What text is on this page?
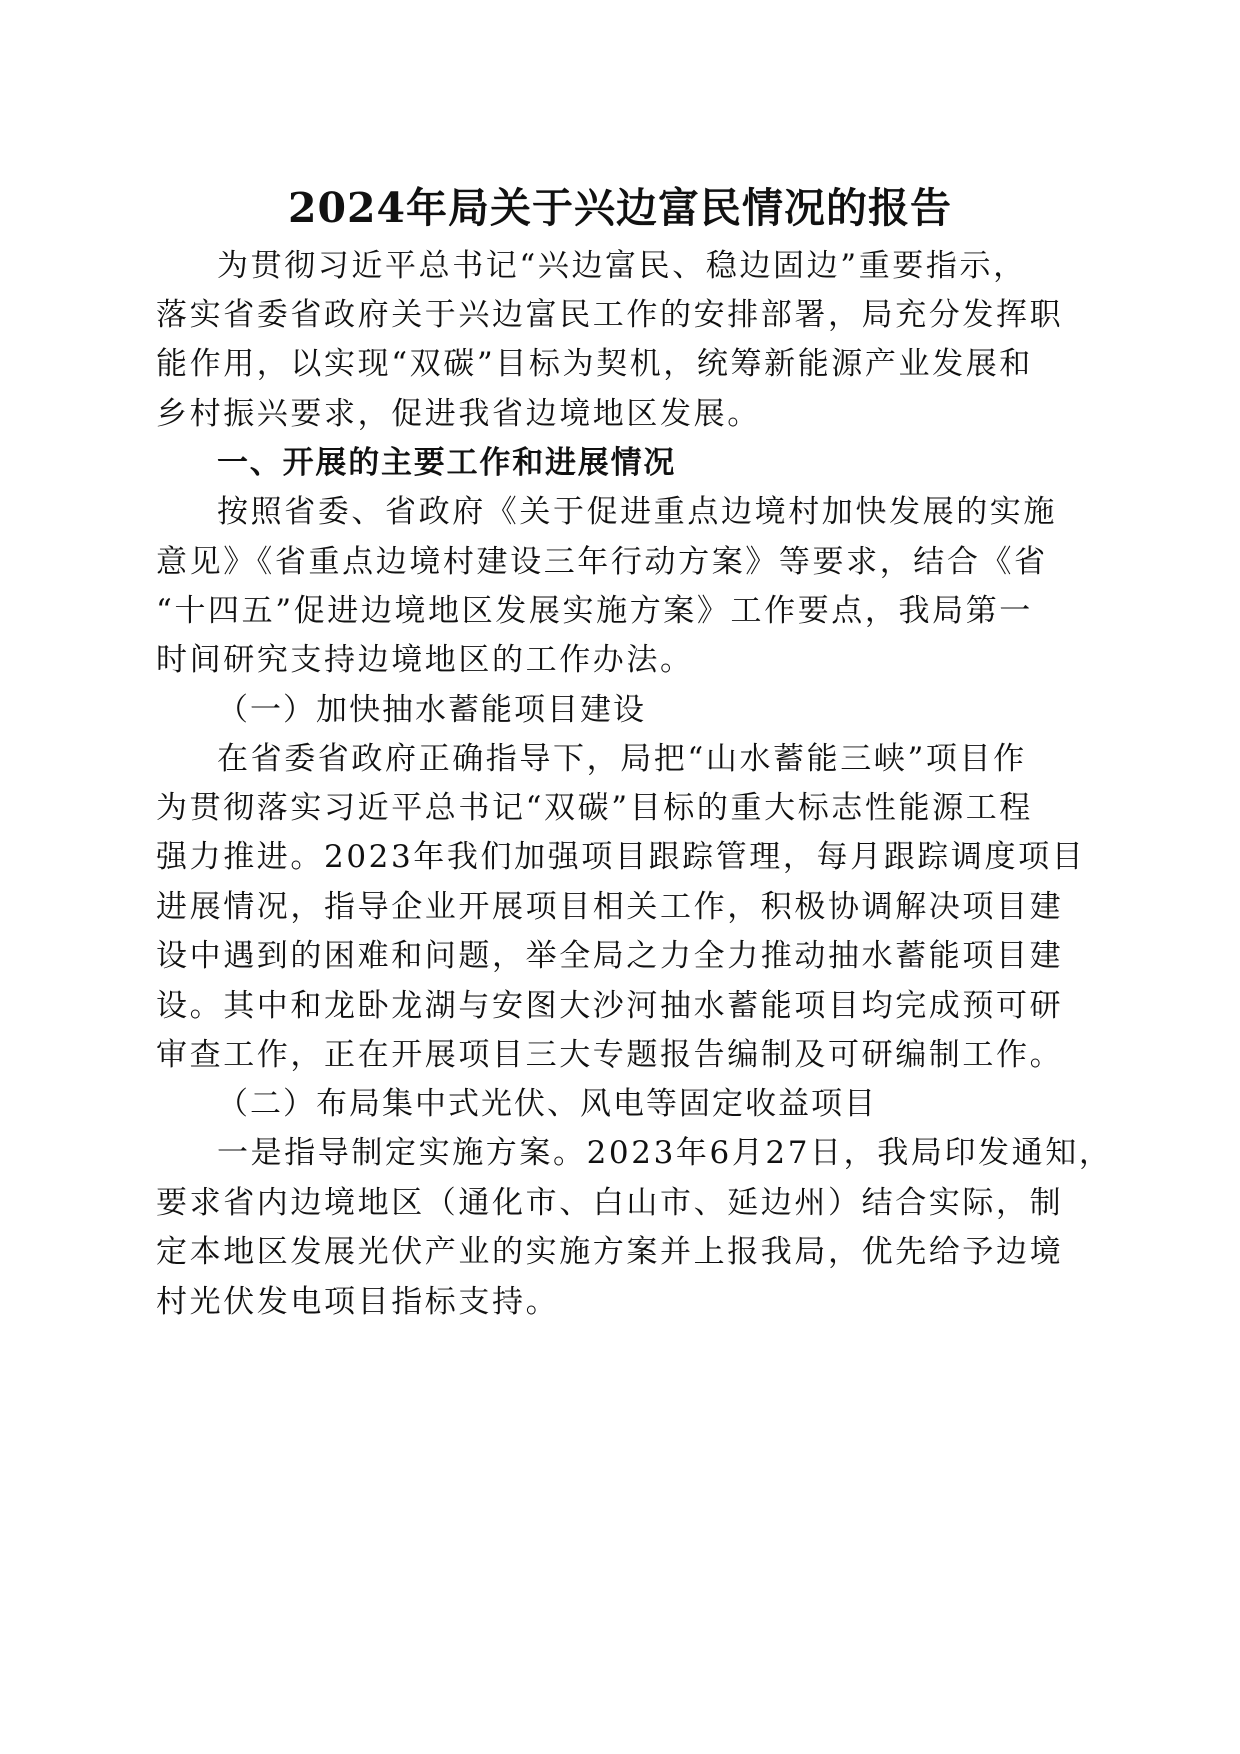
2024年局关于兴边富民情况的报告

为贯彻习近平总书记“兴边富民、稳边固边”重要指示，

落实省委省政府关于兴边富民工作的安排部署，局充分发挥职

能作用，以实现“双碳”目标为契机，统筹新能源产业发展和

乡村振兴要求，促进我省边境地区发展。

一、开展的主要工作和进展情况

按照省委、省政府《关于促进重点边境村加快发展的实施

意见》《省重点边境村建设三年行动方案》等要求，结合《省

“十四五”促进边境地区发展实施方案》工作要点，我局第一

时间研究支持边境地区的工作办法。

（一）加快抽水蓄能项目建设

在省委省政府正确指导下，局把“山水蓄能三峡”项目作

为贯彻落实习近平总书记“双碳”目标的重大标志性能源工程

强力推进。2023年我们加强项目跟踪管理，每月跟踪调度项目

进展情况，指导企业开展项目相关工作，积极协调解决项目建

设中遇到的困难和问题，举全局之力全力推动抽水蓄能项目建

设。其中和龙卧龙湖与安图大沙河抽水蓄能项目均完成预可研

审查工作，正在开展项目三大专题报告编制及可研编制工作。

（二）布局集中式光伏、风电等固定收益项目

一是指导制定实施方案。2023年6月27日，我局印发通知，

要求省内边境地区（通化市、白山市、延边州）结合实际，制

定本地区发展光伏产业的实施方案并上报我局，优先给予边境

村光伏发电项目指标支持。
